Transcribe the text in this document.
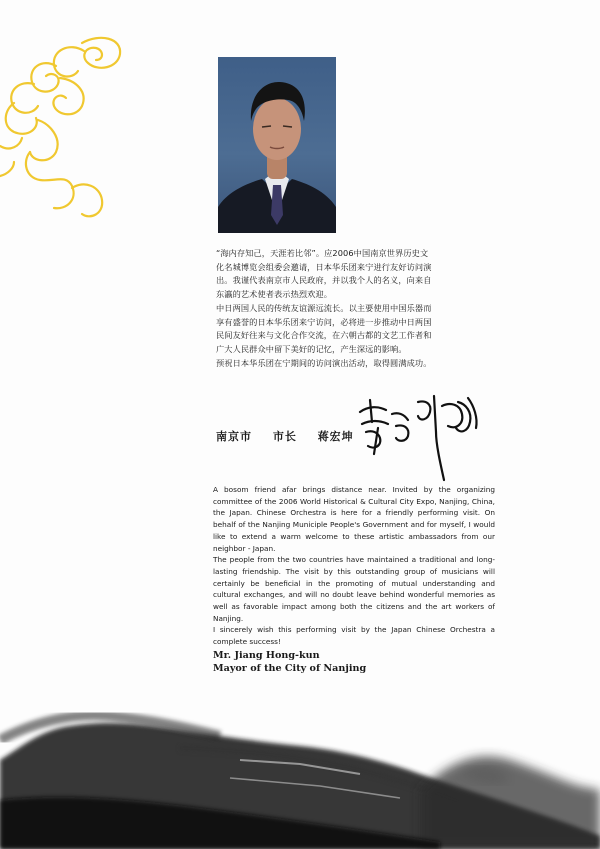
“海内存知己，天涯若比邻”。应2006中国南京世界历史文化名城博览会组委会邀请，日本华乐团来宁进行友好访问演出。我谨代表南京市人民政府，并以我个人的名义，向来自东瀛的艺术使者表示热烈欢迎。

中日两国人民的传统友谊源远流长。以主要使用中国乐器而享有盛誉的日本华乐团来宁访问，必将进一步推动中日两国民间友好往来与文化合作交流，在六朝古都的文艺工作者和广大人民群众中留下美好的记忆，产生深远的影响。

预祝日本华乐团在宁期间的访问演出活动，取得圆满成功。

南京市 市长 蒋宏坤

A bosom friend afar brings distance near. Invited by the organizing committee of the 2006 World Historical & Cultural City Expo, Nanjing, China, the Japan. Chinese Orchestra is here for a friendly performing visit. On behalf of the Nanjing Municiple People's Government and for myself, I would like to extend a warm welcome to these artistic ambassadors from our neighbor - Japan.

The people from the two countries have maintained a traditional and long-lasting friendship. The visit by this outstanding group of musicians will certainly be beneficial in the promoting of mutual understanding and cultural exchanges, and will no doubt leave behind wonderful memories as well as favorable impact among both the citizens and the art workers of Nanjing.

I sincerely wish this performing visit by the Japan Chinese Orchestra a complete success!

Mr. Jiang Hong-kun
Mayor of the City of Nanjing
